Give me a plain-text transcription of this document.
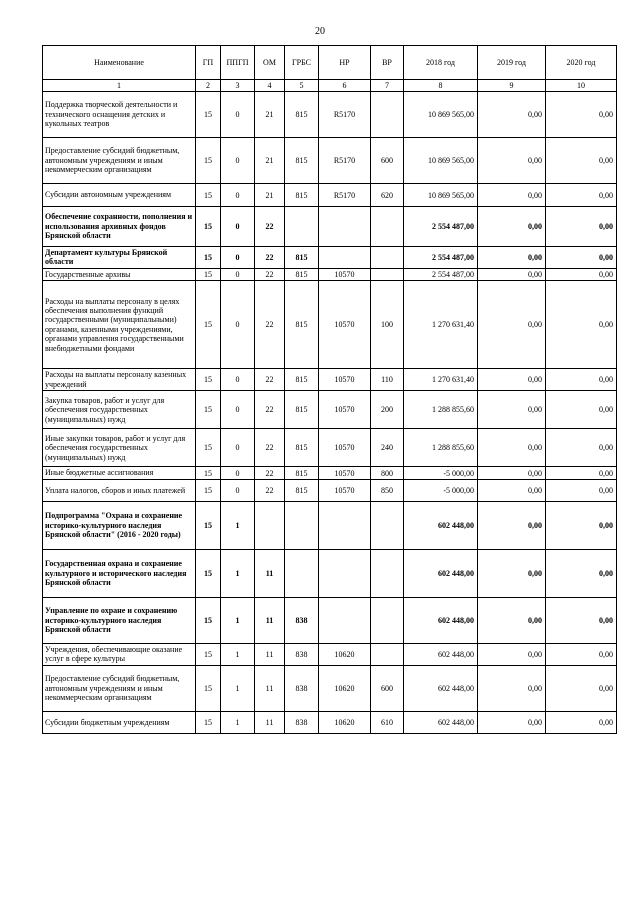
20
Наименование	ГП	ППГП	ОМ	ГРБС	НР	ВР	2018 год	2019 год	2020 год
1	2	3	4	5	6	7	8	9	10
Поддержка творческой деятельности и технического оснащения детских и кукольных театров	15	0	21	815	R5170		10 869 565,00	0,00	0,00
Предоставление субсидий бюджетным, автономным учреждениям и иным некоммерческим организациям	15	0	21	815	R5170	600	10 869 565,00	0,00	0,00
Субсидии автономным учреждениям	15	0	21	815	R5170	620	10 869 565,00	0,00	0,00
Обеспечение сохранности, пополнения и использования архивных фондов Брянской области	15	0	22				2 554 487,00	0,00	0,00
Департамент культуры Брянской области	15	0	22	815			2 554 487,00	0,00	0,00
Государственные архивы	15	0	22	815	10570		2 554 487,00	0,00	0,00
Расходы на выплаты персоналу в целях обеспечения выполнения функций государственными (муниципальными) органами, казенными учреждениями, органами управления государственными внебюджетными фондами	15	0	22	815	10570	100	1 270 631,40	0,00	0,00
Расходы на выплаты персоналу казенных учреждений	15	0	22	815	10570	110	1 270 631,40	0,00	0,00
Закупка товаров, работ и услуг для обеспечения государственных (муниципальных) нужд	15	0	22	815	10570	200	1 288 855,60	0,00	0,00
Иные закупки товаров, работ и услуг для обеспечения государственных (муниципальных) нужд	15	0	22	815	10570	240	1 288 855,60	0,00	0,00
Иные бюджетные ассигнования	15	0	22	815	10570	800	-5 000,00	0,00	0,00
Уплата налогов, сборов и иных платежей	15	0	22	815	10570	850	-5 000,00	0,00	0,00
Подпрограмма "Охрана и сохранение историко-культурного наследия Брянской области" (2016 - 2020 годы)	15	1					602 448,00	0,00	0,00
Государственная охрана и сохранение культурного и исторического наследия Брянской области	15	1	11				602 448,00	0,00	0,00
Управление по охране и сохранению историко-культурного наследия Брянской области	15	1	11	838			602 448,00	0,00	0,00
Учреждения, обеспечивающие оказание услуг в сфере культуры	15	1	11	838	10620		602 448,00	0,00	0,00
Предоставление субсидий бюджетным, автономным учреждениям и иным некоммерческим организациям	15	1	11	838	10620	600	602 448,00	0,00	0,00
Субсидии бюджетным учреждениям	15	1	11	838	10620	610	602 448,00	0,00	0,00
